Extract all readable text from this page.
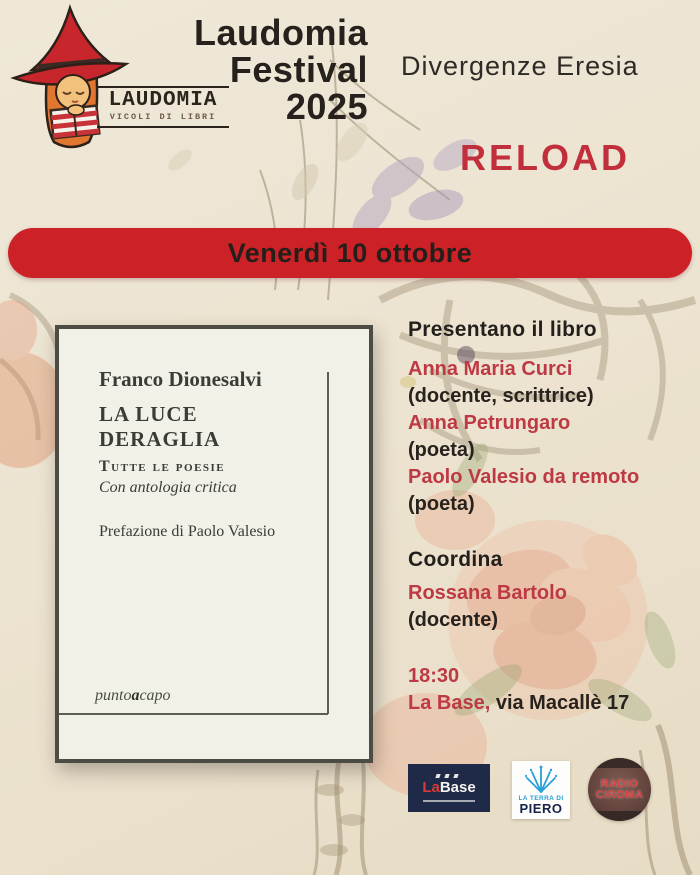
LAUDOMIA
VICOLI DI LIBRI
Laudomia
Festival
2025
Divergenze Eresia
RELOAD
Venerdì 10 ottobre

Franco Dionesalvi

LA LUCE DERAGLIA

Tutte le poesie

Con antologia critica

Prefazione di Paolo Valesio

puntoacapo
Presentano il libro
Anna Maria Curci
(docente, scrittrice)
Anna Petrungaro
(poeta)
Paolo Valesio da remoto
(poeta)
Coordina
Rossana Bartolo
(docente)
18:30
La Base, via Macallè 17
LaBase
LA TERRA DI
PIERO
RADIO
CIROMA
